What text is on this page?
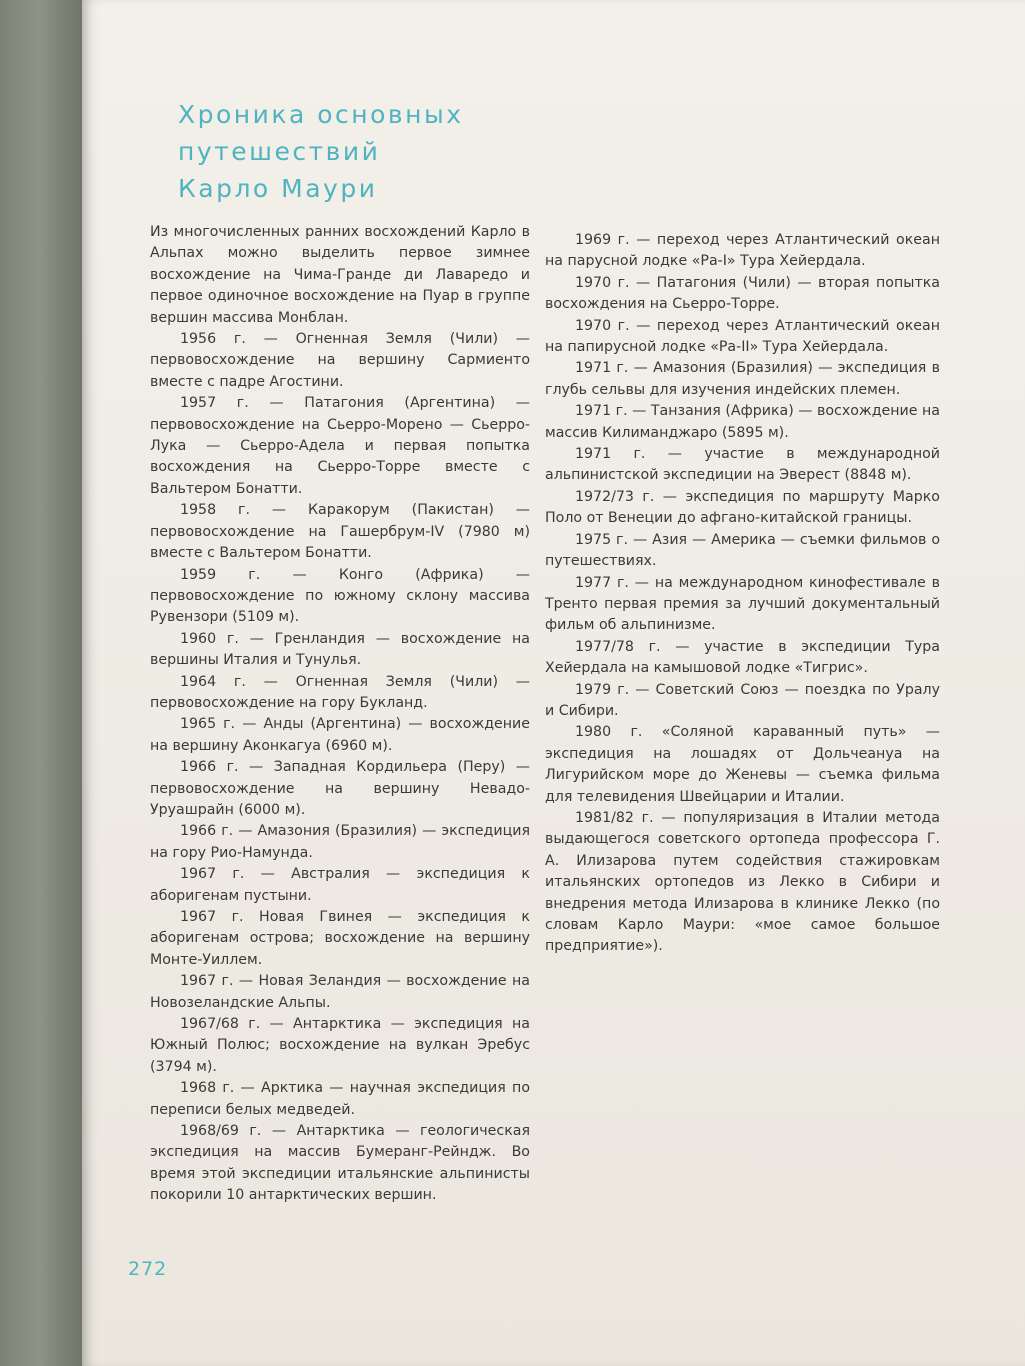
Хроника основных
путешествий
Карло Маури

Из многочисленных ранних восхождений Карло в Альпах можно выделить первое зимнее восхождение на Чима-Гранде ди Лаваредо и первое одиночное восхождение на Пуар в группе вершин массива Монблан.

1956 г. — Огненная Земля (Чили) — первовосхождение на вершину Сармиенто вместе с падре Агостини.

1957 г. — Патагония (Аргентина) — первовосхождение на Сьерро-Морено — Сьерро-Лука — Сьерро-Адела и первая попытка восхождения на Сьерро-Торре вместе с Вальтером Бонатти.

1958 г. — Каракорум (Пакистан) — первовосхождение на Гашербрум-IV (7980 м) вместе с Вальтером Бонатти.

1959 г. — Конго (Африка) — первовосхождение по южному склону массива Рувензори (5109 м).

1960 г. — Гренландия — восхождение на вершины Италия и Тунулья.

1964 г. — Огненная Земля (Чили) — первовосхождение на гору Букланд.

1965 г. — Анды (Аргентина) — восхождение на вершину Аконкагуа (6960 м).

1966 г. — Западная Кордильера (Перу) — первовосхождение на вершину Невадо-Уруашрайн (6000 м).

1966 г. — Амазония (Бразилия) — экспедиция на гору Рио-Намунда.

1967 г. — Австралия — экспедиция к аборигенам пустыни.

1967 г. Новая Гвинея — экспедиция к аборигенам острова; восхождение на вершину Монте-Уиллем.

1967 г. — Новая Зеландия — восхождение на Новозеландские Альпы.

1967/68 г. — Антарктика — экспедиция на Южный Полюс; восхождение на вулкан Эребус (3794 м).

1968 г. — Арктика — научная экспедиция по переписи белых медведей.

1968/69 г. — Антарктика — геологическая экспедиция на массив Бумеранг-Рейндж. Во время этой экспедиции итальянские альпинисты покорили 10 антарктических вершин.

1969 г. — переход через Атлантический океан на парусной лодке «Ра-I» Тура Хейердала.

1970 г. — Патагония (Чили) — вторая попытка восхождения на Сьерро-Торре.

1970 г. — переход через Атлантический океан на папирусной лодке «Ра-II» Тура Хейердала.

1971 г. — Амазония (Бразилия) — экспедиция в глубь сельвы для изучения индейских племен.

1971 г. — Танзания (Африка) — восхождение на массив Килиманджаро (5895 м).

1971 г. — участие в международной альпинистской экспедиции на Эверест (8848 м).

1972/73 г. — экспедиция по маршруту Марко Поло от Венеции до афгано-китайской границы.

1975 г. — Азия — Америка — съемки фильмов о путешествиях.

1977 г. — на международном кинофестивале в Тренто первая премия за лучший документальный фильм об альпинизме.

1977/78 г. — участие в экспедиции Тура Хейердала на камышовой лодке «Тигрис».

1979 г. — Советский Союз — поездка по Уралу и Сибири.

1980 г. «Соляной караванный путь» — экспедиция на лошадях от Дольчеануа на Лигурийском море до Женевы — съемка фильма для телевидения Швейцарии и Италии.

1981/82 г. — популяризация в Италии метода выдающегося советского ортопеда профессора Г. А. Илизарова путем содействия стажировкам итальянских ортопедов из Лекко в Сибири и внедрения метода Илизарова в клинике Лекко (по словам Карло Маури: «мое самое большое предприятие»).

272
